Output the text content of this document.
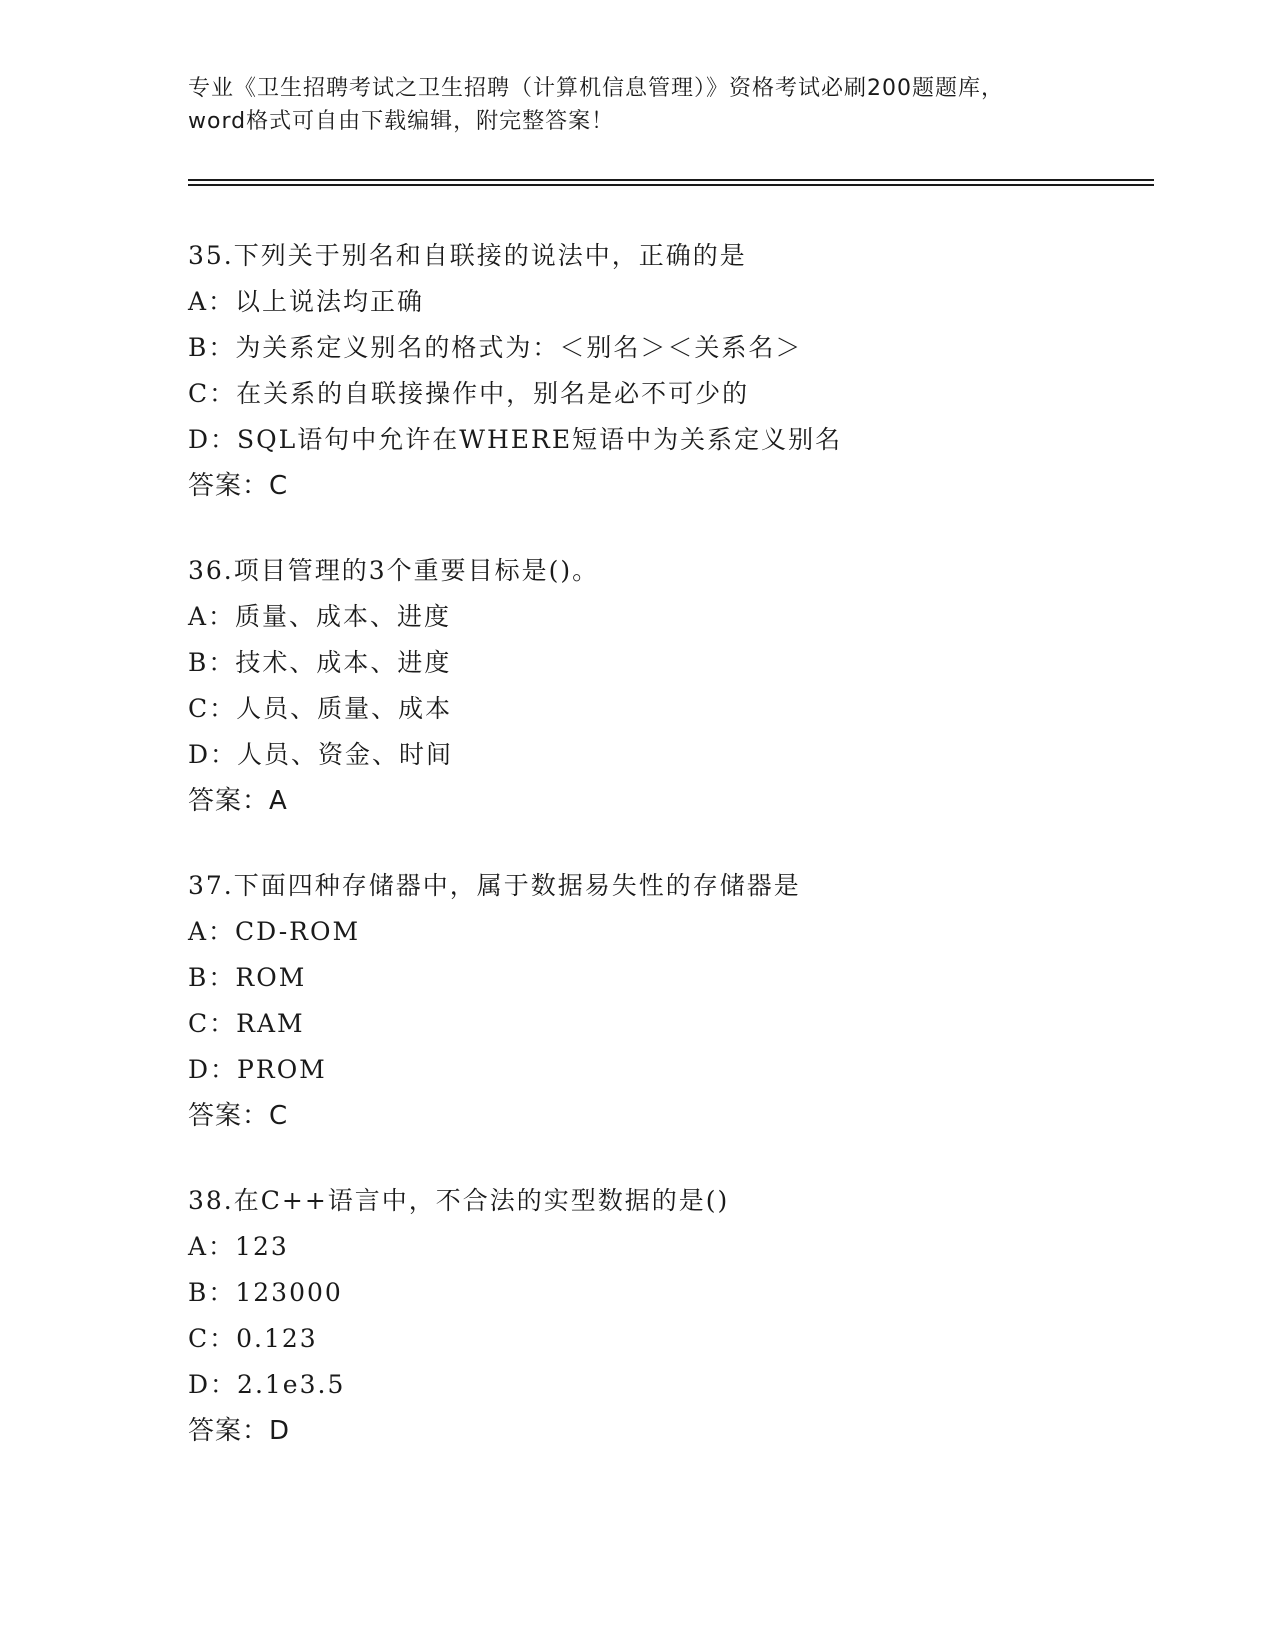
专业《卫生招聘考试之卫生招聘（计算机信息管理）》资格考试必刷200题题库，
word格式可自由下载编辑，附完整答案！
35.下列关于别名和自联接的说法中，正确的是
A：以上说法均正确
B：为关系定义别名的格式为：＜别名＞＜关系名＞
C：在关系的自联接操作中，别名是必不可少的
D：SQL语句中允许在WHERE短语中为关系定义别名
答案：C
36.项目管理的3个重要目标是()。
A：质量、成本、进度
B：技术、成本、进度
C：人员、质量、成本
D：人员、资金、时间
答案：A
37.下面四种存储器中，属于数据易失性的存储器是
A：CD-ROM
B：ROM
C：RAM
D：PROM
答案：C
38.在C++语言中，不合法的实型数据的是()
A：123
B：123000
C：0.123
D：2.1e3.5
答案：D
